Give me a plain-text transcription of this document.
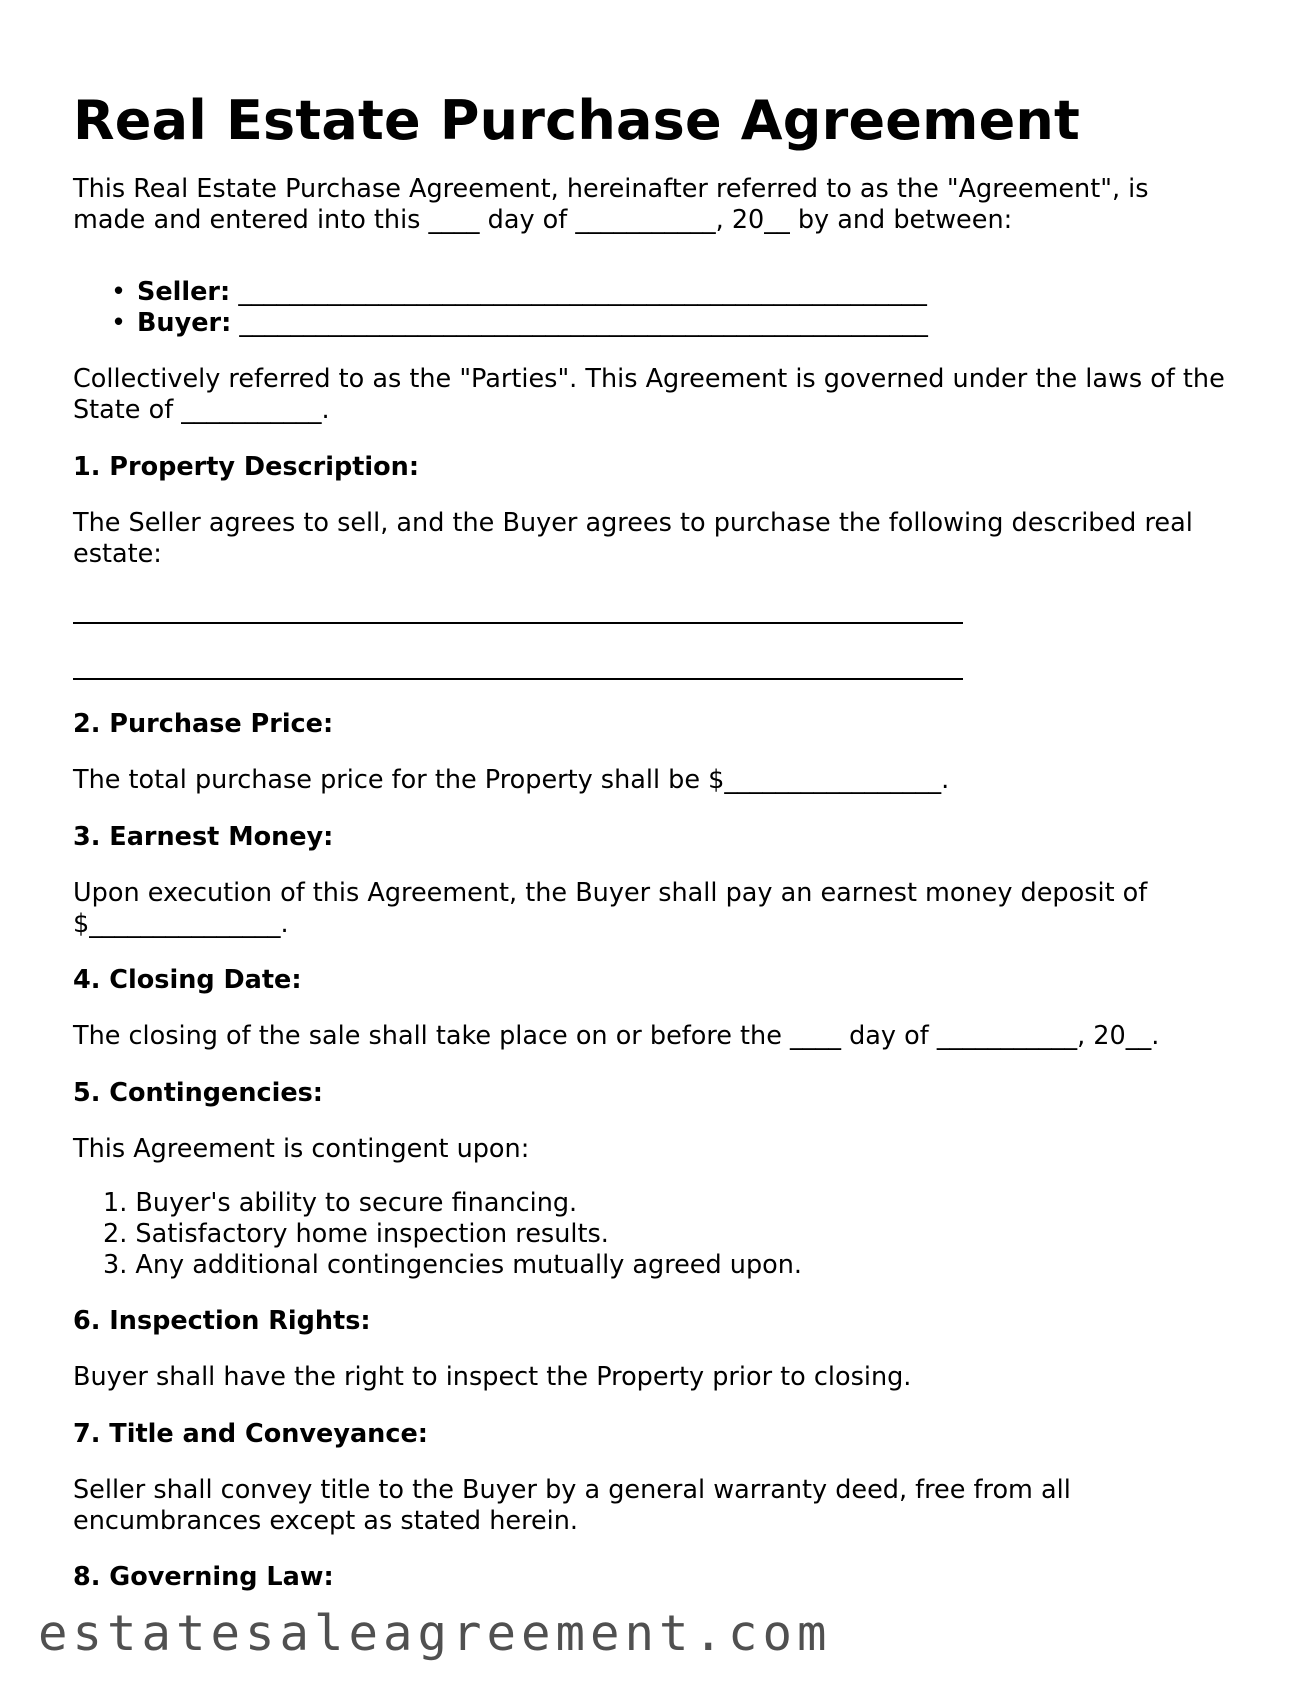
Real Estate Purchase Agreement

This Real Estate Purchase Agreement, hereinafter referred to as the "Agreement", is

made and entered into this ____ day of ___________, 20__ by and between:

• Seller: ______________________________________________________
• Buyer: ______________________________________________________

Collectively referred to as the "Parties". This Agreement is governed under the laws of the

State of ___________.

1. Property Description:

The Seller agrees to sell, and the Buyer agrees to purchase the following described real

estate:

2. Purchase Price:

The total purchase price for the Property shall be $_________________.

3. Earnest Money:

Upon execution of this Agreement, the Buyer shall pay an earnest money deposit of

$_______________.

4. Closing Date:

The closing of the sale shall take place on or before the ____ day of ___________, 20__.

5. Contingencies:

This Agreement is contingent upon:

1. Buyer's ability to secure financing.
2. Satisfactory home inspection results.
3. Any additional contingencies mutually agreed upon.

6. Inspection Rights:

Buyer shall have the right to inspect the Property prior to closing.

7. Title and Conveyance:

Seller shall convey title to the Buyer by a general warranty deed, free from all

encumbrances except as stated herein.

8. Governing Law:

estatesaleagreement.com
